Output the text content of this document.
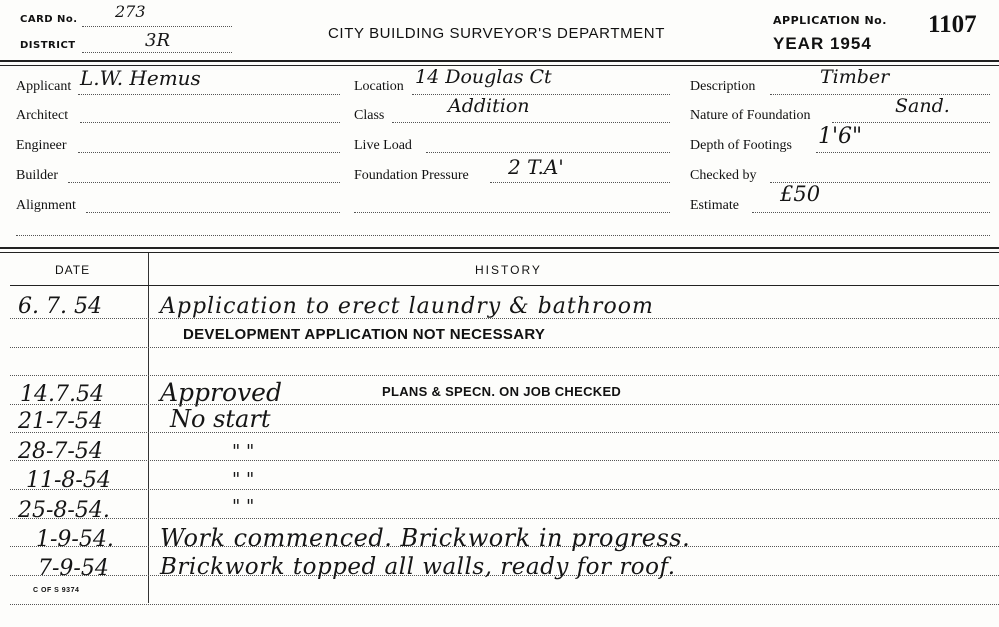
CARD No. 273
DISTRICT	3R	CITY BUILDING SURVEYOR'S DEPARTMENT
APPLICATION No. 1107
YEAR 1954
Applicant L.W. Hemus
Architect
Engineer
Builder
Alignment
Location 14 Douglas Ct
Class	Addition
Live Load
Foundation Pressure 2 T.A'
Description	Timber
Nature of Foundation	Sand.
Depth of Footings 1'6"
Checked by
Estimate £50
DATE	HISTORY
6. 7. 54	Application to erect laundry & bathroom
DEVELOPMENT APPLICATION NOT NECESSARY
14.7.54 Approved	PLANS & SPECN. ON JOB CHECKED
21-7-54	No start
28-7-54	" "
11-8-54	" "
25-8-54.	" "
1-9-54. Work commenced. Brickwork in progress.
7-9-54 Brickwork topped all walls, ready for roof.
C OF S 9374
